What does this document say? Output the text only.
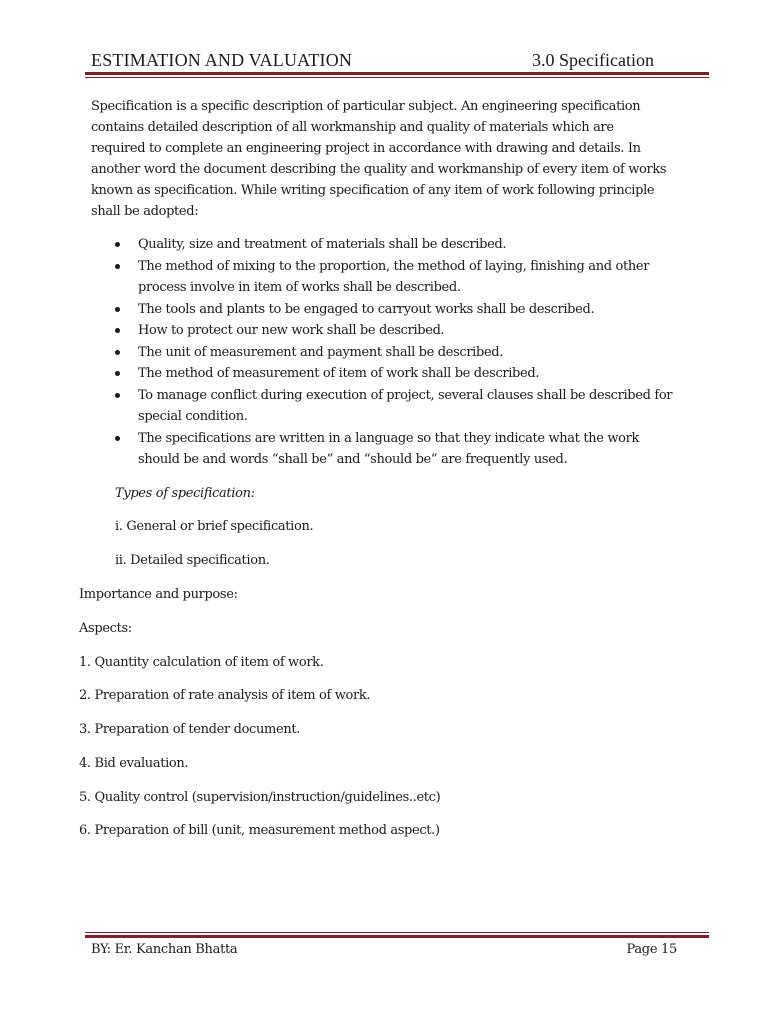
ESTIMATION AND VALUATION	3.0 Specification

Specification is a specific description of particular subject. An engineering specification contains detailed description of all workmanship and quality of materials which are required to complete an engineering project in accordance with drawing and details. In another word the document describing the quality and workmanship of every item of works known as specification. While writing specification of any item of work following principle shall be adopted:

Quality, size and treatment of materials shall be described.
The method of mixing to the proportion, the method of laying, finishing and other process involve in item of works shall be described.
The tools and plants to be engaged to carryout works shall be described.
How to protect our new work shall be described.
The unit of measurement and payment shall be described.
The method of measurement of item of work shall be described.
To manage conflict during execution of project, several clauses shall be described for special condition.
The specifications are written in a language so that they indicate what the work should be and words “shall be” and “should be” are frequently used.
Types of specification:
i. General or brief specification.
ii. Detailed specification.
Importance and purpose:
Aspects:
1. Quantity calculation of item of work.
2. Preparation of rate analysis of item of work.
3. Preparation of tender document.
4. Bid evaluation.
5. Quality control (supervision/instruction/guidelines..etc)
6. Preparation of bill (unit, measurement method aspect.)
BY: Er. Kanchan Bhatta	Page 15
